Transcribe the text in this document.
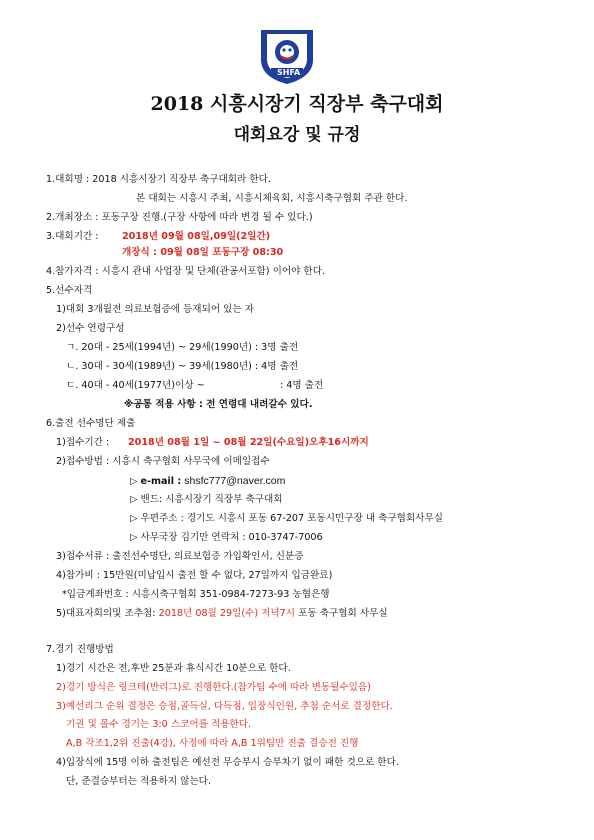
SHFA
2018 시흥시장기 직장부 축구대회
대회요강 및 규정
1.대회명 : 2018 시흥시장기 직장부 축구대회라 한다.
본 대회는 시흥시 주최, 시흥시체육회, 시흥시축구협회 주관 한다.
2.개최장소 : 포동구장 진행.(구장 사항에 따라 변경 될 수 있다.)
3.대회기간 : 2018년 09월 08일,09일(2일간)
개장식 : 09월 08일 포동구장 08:30
4.참가자격 : 시흥시 관내 사업장 및 단체(관공서포함) 이어야 한다.
5.선수자격
1)대회 3개월전 의료보험증에 등재되어 있는 자
2)선수 연령구성
ㄱ. 20대 - 25세(1994년) ~ 29세(1990년) : 3명 출전
ㄴ. 30대 - 30세(1989년) ~ 39세(1980년) : 4명 출전
ㄷ. 40대 - 40세(1977년)이상 ~	: 4명 출전
※공통 적용 사항 : 전 연령대 내려갈수 있다.
6.출전 선수명단 제출
1)접수기간 : 2018년 08월 1일 ~ 08월 22일(수요일)오후16시까지
2)접수방법 : 시흥시 축구협회 사무국에 이메일접수
▷ e-mail : shsfc777@naver.com
▷ 밴드: 시흥시장기 직장부 축구대회
▷ 우편주소 : 경기도 시흥시 포동 67-207 포동시민구장 내 축구협회사무실
▷ 사무국장 김기만 연락처 : 010-3747-7006
3)접수서류 : 출전선수명단, 의료보험증 가입확인서, 신분증
4)참가비 : 15만원(미납입시 출전 할 수 없다, 27일까지 입금완료)
*입금계좌번호 : 시흥시축구협회 351-0984-7273-93 농협은행
5)대표자회의및 조추첨: 2018년 08월 29일(수) 저녁7시 포동 축구협회 사무실
7.경기 진행방법
1)경기 시간은 전,후반 25분과 휴식시간 10분으로 한다.
2)경기 방식은 링크테(반리그)로 진행한다.(참가팀 수에 따라 변동될수있음)
3)예선리그 순위 결정은 승점,골득실, 다득점, 입장식인원, 추첨 순서로 결정한다.
기권 및 몰수 경기는 3:0 스코어를 적용한다.
A,B 각조1,2위 진출(4강), 사정에 따라 A,B 1위팀만 진출 결승전 진행
4)입장식에 15명 이하 출전팀은 예선전 무승부시 승부차기 없이 패한 것으로 한다.
단, 준결승부터는 적용하지 않는다.
